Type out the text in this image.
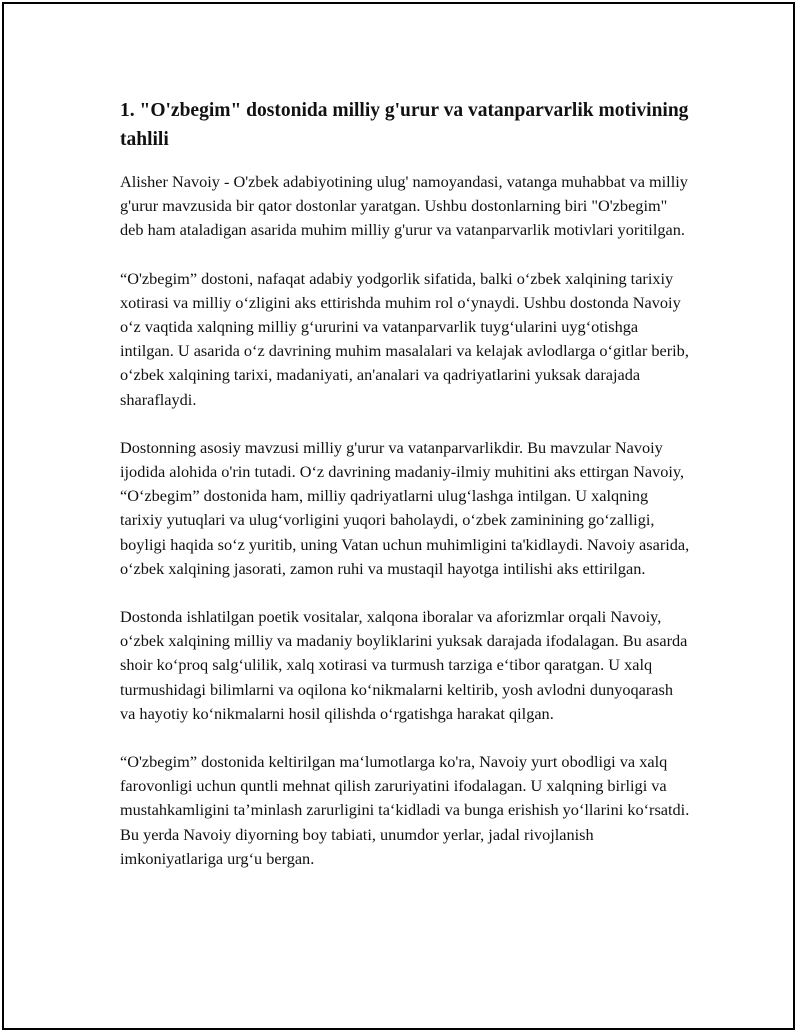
1. "O'zbegim" dostonida milliy g'urur va vatanparvarlik motivining tahlili

Alisher Navoiy - O'zbek adabiyotining ulug' namoyandasi, vatanga muhabbat va milliy g'urur mavzusida bir qator dostonlar yaratgan. Ushbu dostonlarning biri "O'zbegim" deb ham ataladigan asarida muhim milliy g'urur va vatanparvarlik motivlari yoritilgan.

“O'zbegim” dostoni, nafaqat adabiy yodgorlik sifatida, balki o‘zbek xalqining tarixiy xotirasi va milliy o‘zligini aks ettirishda muhim rol o‘ynaydi. Ushbu dostonda Navoiy o‘z vaqtida xalqning milliy g‘ururini va vatanparvarlik tuyg‘ularini uyg‘otishga intilgan. U asarida o‘z davrining muhim masalalari va kelajak avlodlarga o‘gitlar berib, o‘zbek xalqining tarixi, madaniyati, an'analari va qadriyatlarini yuksak darajada sharaflaydi.

Dostonning asosiy mavzusi milliy g'urur va vatanparvarlikdir. Bu mavzular Navoiy ijodida alohida o'rin tutadi. O‘z davrining madaniy-ilmiy muhitini aks ettirgan Navoiy, “O‘zbegim” dostonida ham, milliy qadriyatlarni ulug‘lashga intilgan. U xalqning tarixiy yutuqlari va ulug‘vorligini yuqori baholaydi, o‘zbek zaminining go‘zalligi, boyligi haqida so‘z yuritib, uning Vatan uchun muhimligini ta'kidlaydi. Navoiy asarida, o‘zbek xalqining jasorati, zamon ruhi va mustaqil hayotga intilishi aks ettirilgan.

Dostonda ishlatilgan poetik vositalar, xalqona iboralar va aforizmlar orqali Navoiy, o‘zbek xalqining milliy va madaniy boyliklarini yuksak darajada ifodalagan. Bu asarda shoir ko‘proq salg‘ulilik, xalq xotirasi va turmush tarziga e‘tibor qaratgan. U xalq turmushidagi bilimlarni va oqilona ko‘nikmalarni keltirib, yosh avlodni dunyoqarash va hayotiy ko‘nikmalarni hosil qilishda o‘rgatishga harakat qilgan.

“O'zbegim” dostonida keltirilgan ma‘lumotlarga ko'ra, Navoiy yurt obodligi va xalq farovonligi uchun quntli mehnat qilish zaruriyatini ifodalagan. U xalqning birligi va mustahkamligini ta’minlash zarurligini ta‘kidladi va bunga erishish yo‘llarini ko‘rsatdi. Bu yerda Navoiy diyorning boy tabiati, unumdor yerlar, jadal rivojlanish imkoniyatlariga urg‘u bergan.
